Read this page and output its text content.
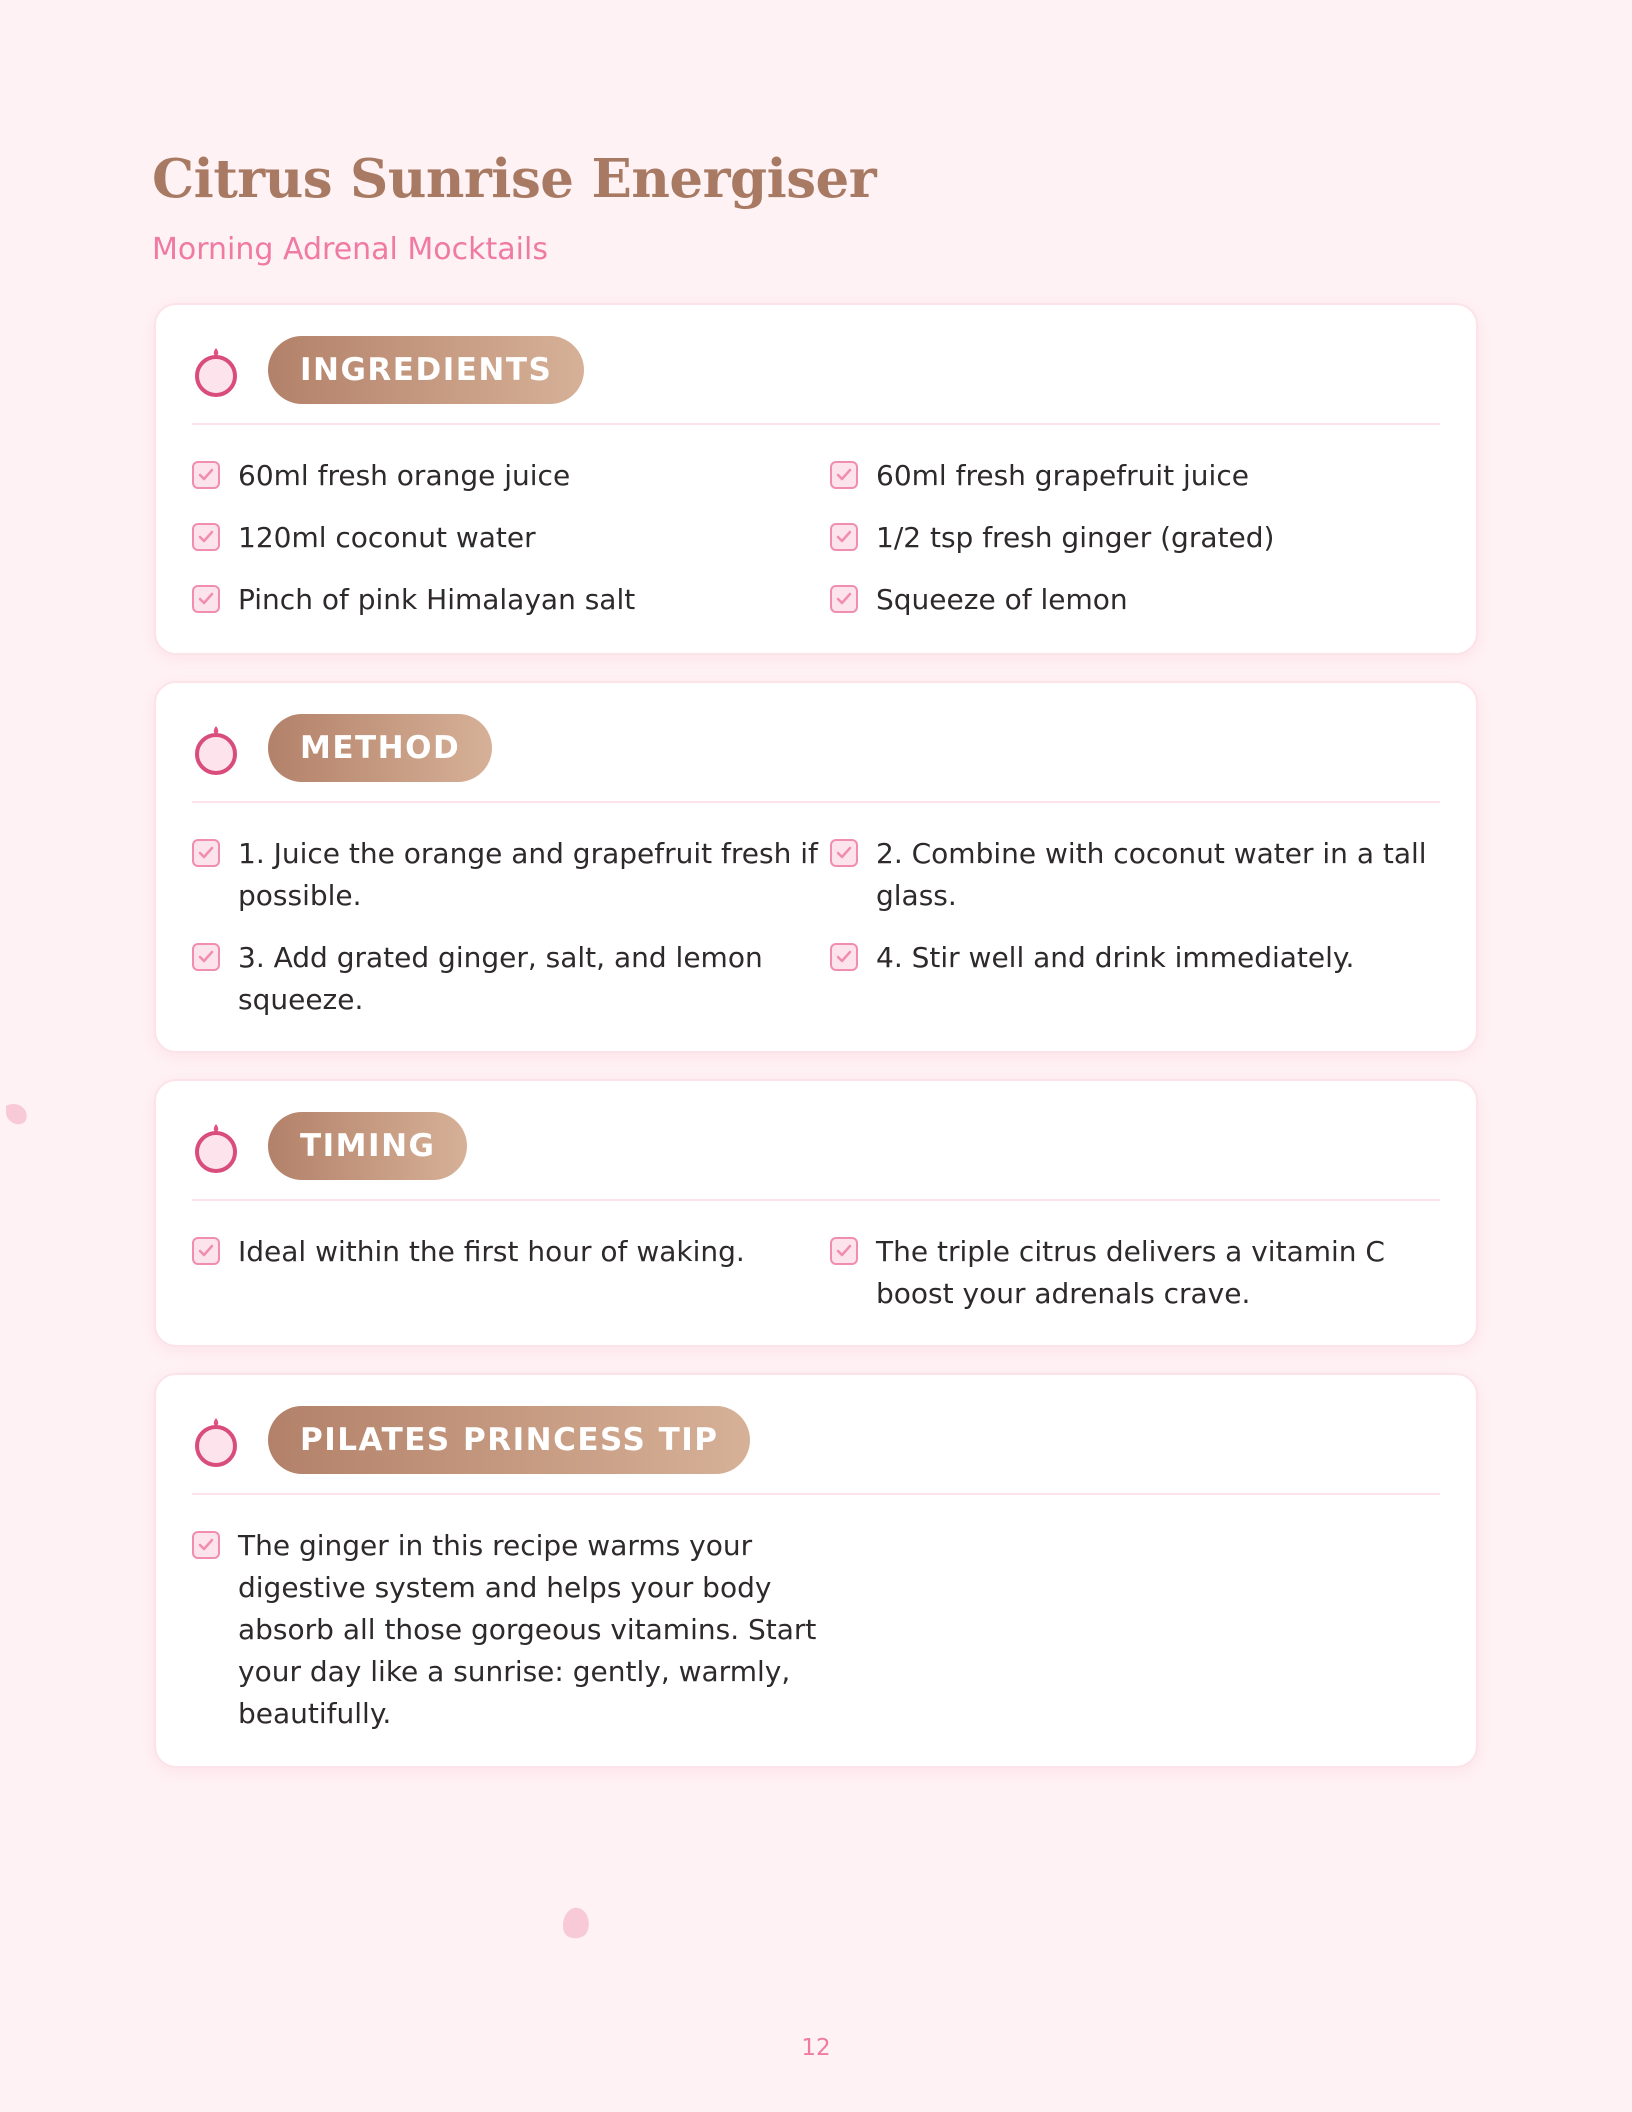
Citrus Sunrise Energiser
Morning Adrenal Mocktails
INGREDIENTS
60ml fresh orange juice	60ml fresh grapefruit juice
120ml coconut water	1/2 tsp fresh ginger (grated)
Pinch of pink Himalayan salt	Squeeze of lemon
METHOD
1. Juice the orange and grapefruit fresh if possible.
2. Combine with coconut water in a tall glass.
3. Add grated ginger, salt, and lemon squeeze.
4. Stir well and drink immediately.
TIMING
Ideal within the first hour of waking.	The triple citrus delivers a vitamin C boost your adrenals crave.
PILATES PRINCESS TIP
The ginger in this recipe warms your digestive system and helps your body absorb all those gorgeous vitamins. Start your day like a sunrise: gently, warmly, beautifully.
12
